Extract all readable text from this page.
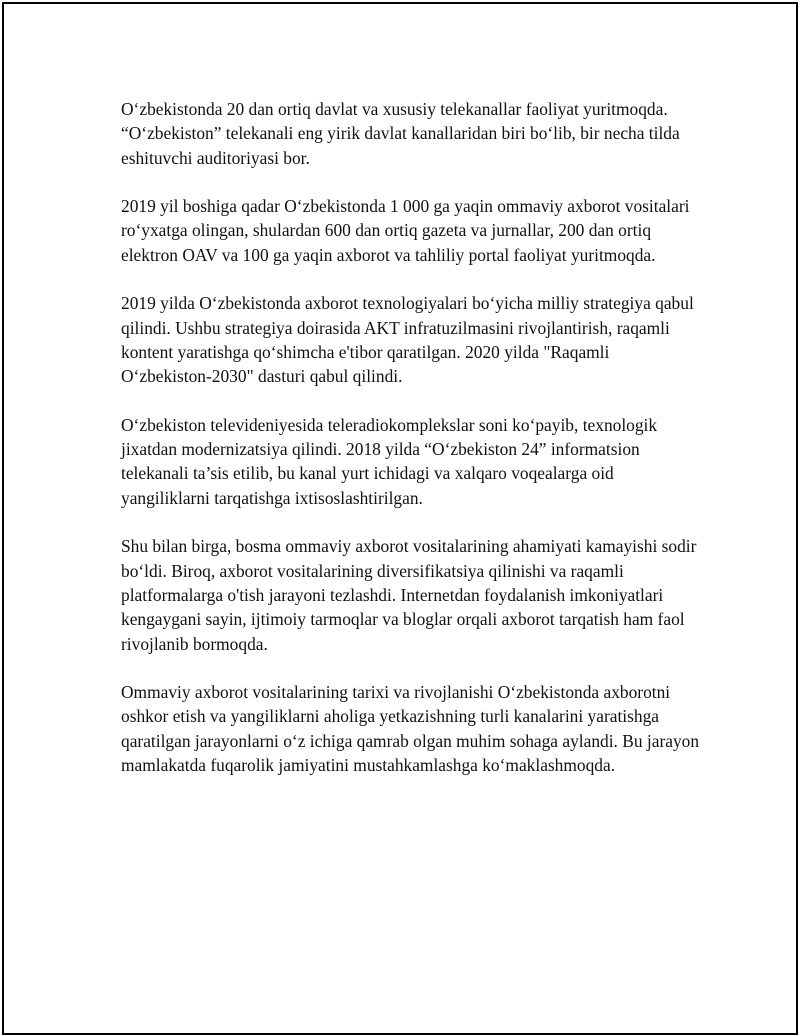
O‘zbekistonda 20 dan ortiq davlat va xususiy telekanallar faoliyat yuritmoqda. “O‘zbekiston” telekanali eng yirik davlat kanallaridan biri bo‘lib, bir necha tilda eshituvchi auditoriyasi bor.

2019 yil boshiga qadar O‘zbekistonda 1 000 ga yaqin ommaviy axborot vositalari ro‘yxatga olingan, shulardan 600 dan ortiq gazeta va jurnallar, 200 dan ortiq elektron OAV va 100 ga yaqin axborot va tahliliy portal faoliyat yuritmoqda.

2019 yilda O‘zbekistonda axborot texnologiyalari bo‘yicha milliy strategiya qabul qilindi. Ushbu strategiya doirasida AKT infratuzilmasini rivojlantirish, raqamli kontent yaratishga qo‘shimcha e'tibor qaratilgan. 2020 yilda "Raqamli O‘zbekiston-2030" dasturi qabul qilindi.

O‘zbekiston televideniyesida teleradiokomplekslar soni ko‘payib, texnologik jixatdan modernizatsiya qilindi. 2018 yilda “O‘zbekiston 24” informatsion telekanali ta’sis etilib, bu kanal yurt ichidagi va xalqaro voqealarga oid yangiliklarni tarqatishga ixtisoslashtirilgan.

Shu bilan birga, bosma ommaviy axborot vositalarining ahamiyati kamayishi sodir bo‘ldi. Biroq, axborot vositalarining diversifikatsiya qilinishi va raqamli platformalarga o'tish jarayoni tezlashdi. Internetdan foydalanish imkoniyatlari kengaygani sayin, ijtimoiy tarmoqlar va bloglar orqali axborot tarqatish ham faol rivojlanib bormoqda.

Ommaviy axborot vositalarining tarixi va rivojlanishi O‘zbekistonda axborotni oshkor etish va yangiliklarni aholiga yetkazishning turli kanalarini yaratishga qaratilgan jarayonlarni o‘z ichiga qamrab olgan muhim sohaga aylandi. Bu jarayon mamlakatda fuqarolik jamiyatini mustahkamlashga ko‘maklashmoqda.
